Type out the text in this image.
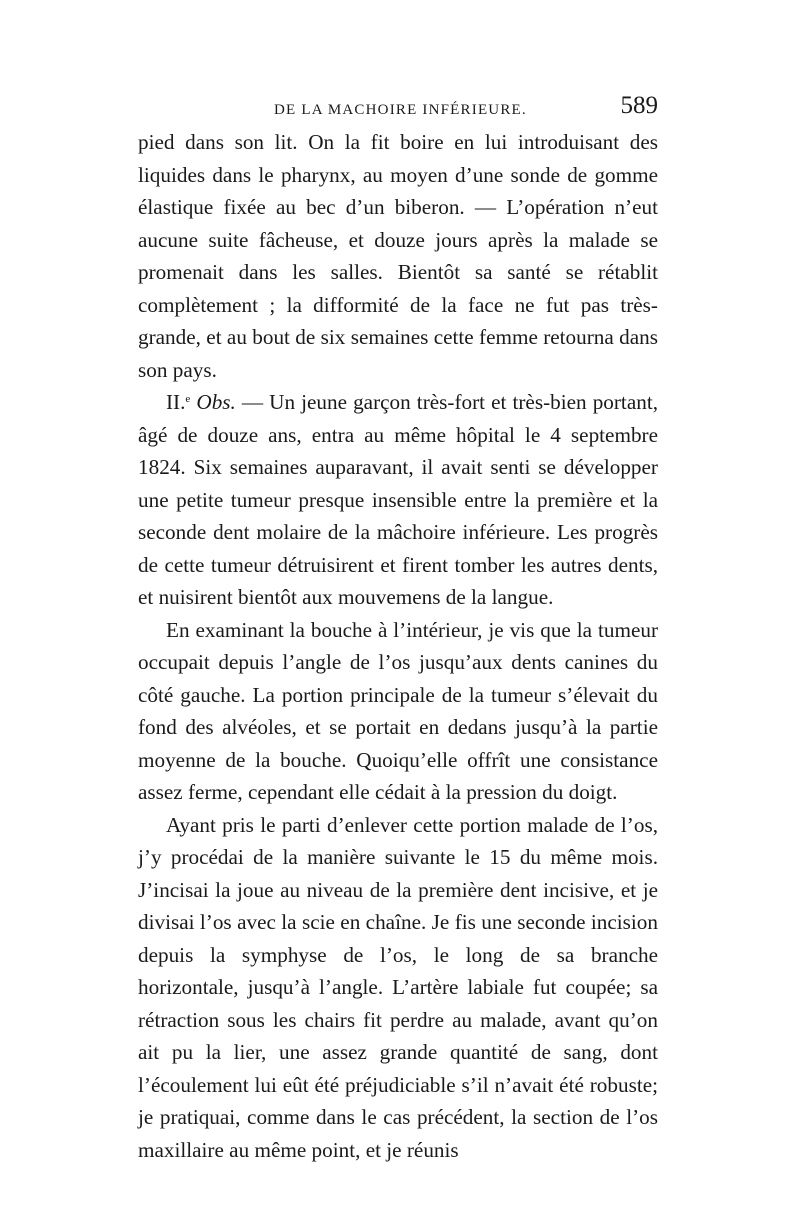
DE LA MACHOIRE INFÉRIEURE.	589

pied dans son lit. On la fit boire en lui introduisant des liquides dans le pharynx, au moyen d’une sonde de gomme élastique fixée au bec d’un biberon. — L’opération n’eut aucune suite fâcheuse, et douze jours après la malade se promenait dans les salles. Bientôt sa santé se rétablit complètement ; la difformité de la face ne fut pas très-grande, et au bout de six semaines cette femme retourna dans son pays.

II.$^e$ Obs. — Un jeune garçon très-fort et très-bien portant, âgé de douze ans, entra au même hôpital le 4 septembre 1824. Six semaines auparavant, il avait senti se développer une petite tumeur presque insensible entre la première et la seconde dent molaire de la mâchoire inférieure. Les progrès de cette tumeur détruisirent et firent tomber les autres dents, et nuisirent bientôt aux mouvemens de la langue.

En examinant la bouche à l’intérieur, je vis que la tumeur occupait depuis l’angle de l’os jusqu’aux dents canines du côté gauche. La portion principale de la tumeur s’élevait du fond des alvéoles, et se portait en dedans jusqu’à la partie moyenne de la bouche. Quoiqu’elle offrît une consistance assez ferme, cependant elle cédait à la pression du doigt.

Ayant pris le parti d’enlever cette portion malade de l’os, j’y procédai de la manière suivante le 15 du même mois. J’incisai la joue au niveau de la première dent incisive, et je divisai l’os avec la scie en chaîne. Je fis une seconde incision depuis la symphyse de l’os, le long de sa branche horizontale, jusqu’à l’angle. L’artère labiale fut coupée; sa rétraction sous les chairs fit perdre au malade, avant qu’on ait pu la lier, une assez grande quantité de sang, dont l’écoulement lui eût été préjudiciable s’il n’avait été robuste; je pratiquai, comme dans le cas précédent, la section de l’os maxillaire au même point, et je réunis
